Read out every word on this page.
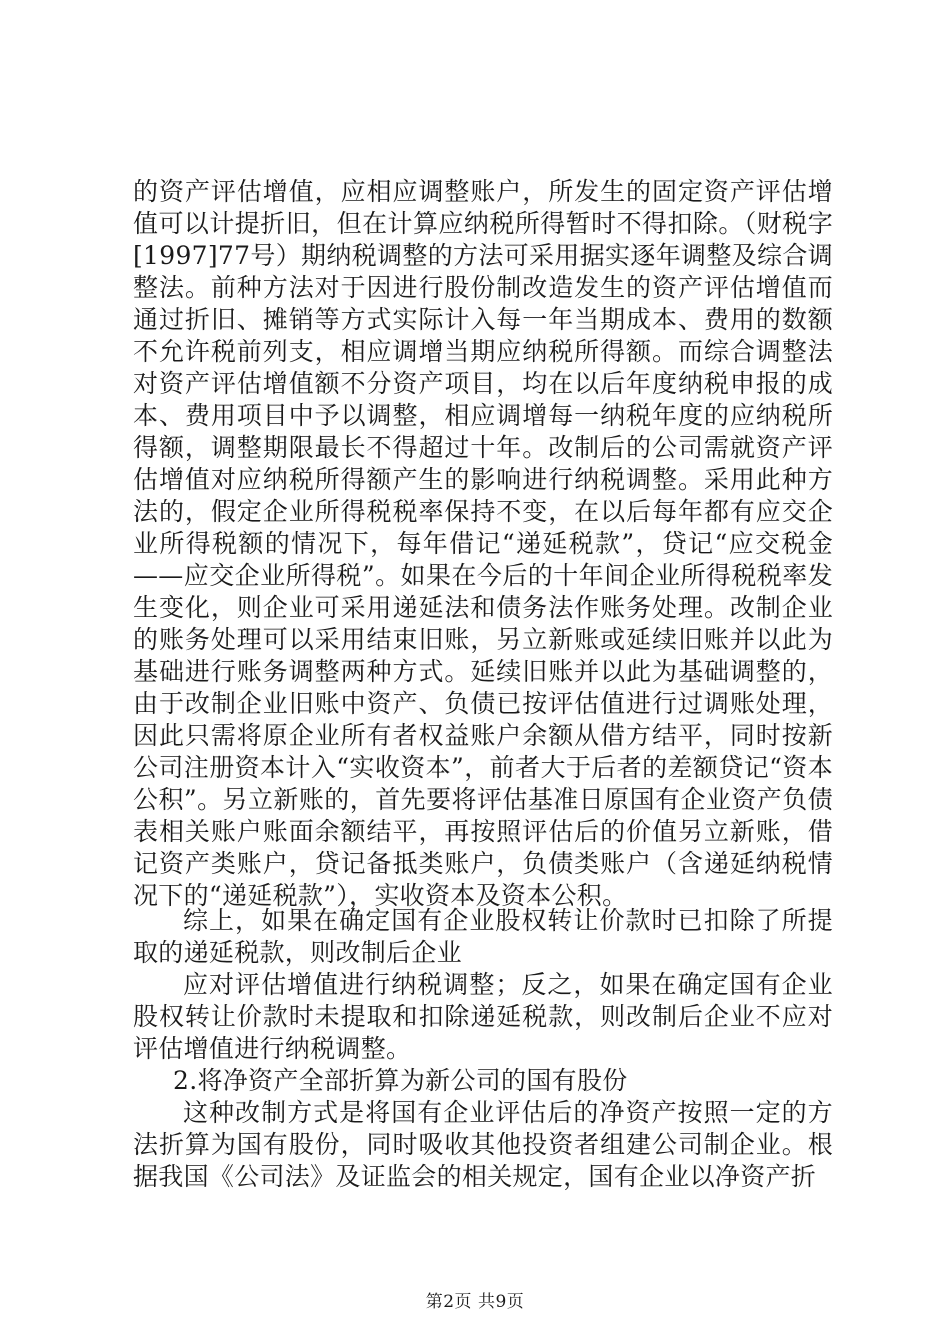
的资产评估增值，应相应调整账户，所发生的固定资产评估增值可以计提折旧，但在计算应纳税所得暂时不得扣除。（财税字[1997]77号）期纳税调整的方法可采用据实逐年调整及综合调整法。前种方法对于因进行股份制改造发生的资产评估增值而通过折旧、摊销等方式实际计入每一年当期成本、费用的数额不允许税前列支，相应调增当期应纳税所得额。而综合调整法对资产评估增值额不分资产项目，均在以后年度纳税申报的成本、费用项目中予以调整，相应调增每一纳税年度的应纳税所得额，调整期限最长不得超过十年。改制后的公司需就资产评估增值对应纳税所得额产生的影响进行纳税调整。采用此种方法的，假定企业所得税税率保持不变，在以后每年都有应交企业所得税额的情况下，每年借记“递延税款”，贷记“应交税金——应交企业所得税”。如果在今后的十年间企业所得税税率发生变化，则企业可采用递延法和债务法作账务处理。改制企业的账务处理可以采用结束旧账，另立新账或延续旧账并以此为基础进行账务调整两种方式。延续旧账并以此为基础调整的，由于改制企业旧账中资产、负债已按评估值进行过调账处理，因此只需将原企业所有者权益账户余额从借方结平，同时按新公司注册资本计入“实收资本”，前者大于后者的差额贷记“资本公积”。另立新账的，首先要将评估基准日原国有企业资产负债表相关账户账面余额结平，再按照评估后的价值另立新账，借记资产类账户，贷记备抵类账户，负债类账户（含递延纳税情况下的“递延税款”），实收资本及资本公积。

综上，如果在确定国有企业股权转让价款时已扣除了所提取的递延税款，则改制后企业

应对评估增值进行纳税调整；反之，如果在确定国有企业股权转让价款时未提取和扣除递延税款，则改制后企业不应对评估增值进行纳税调整。

2.将净资产全部折算为新公司的国有股份

这种改制方式是将国有企业评估后的净资产按照一定的方法折算为国有股份，同时吸收其他投资者组建公司制企业。根据我国《公司法》及证监会的相关规定，国有企业以净资产折

第2页 共9页
